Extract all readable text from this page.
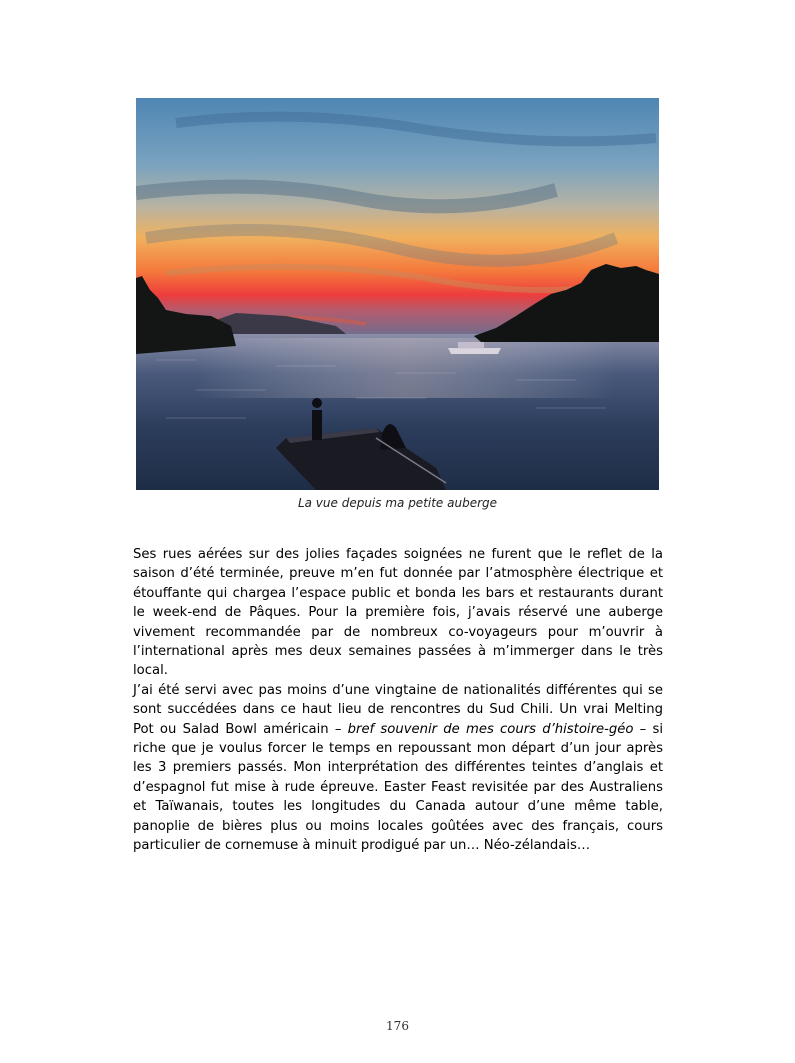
La vue depuis ma petite auberge

Ses rues aérées sur des jolies façades soignées ne furent que le reflet de la saison d’été terminée, preuve m’en fut donnée par l’atmosphère électrique et étouffante qui chargea l’espace public et bonda les bars et restaurants durant le week-end de Pâques. Pour la première fois, j’avais réservé une auberge vivement recommandée par de nombreux co-voyageurs pour m’ouvrir à l’international après mes deux semaines passées à m’immerger dans le très local.

J’ai été servi avec pas moins d’une vingtaine de nationalités différentes qui se sont succédées dans ce haut lieu de rencontres du Sud Chili. Un vrai Melting Pot ou Salad Bowl américain – bref souvenir de mes cours d’histoire-géo – si riche que je voulus forcer le temps en repoussant mon départ d’un jour après les 3 premiers passés. Mon interprétation des différentes teintes d’anglais et d’espagnol fut mise à rude épreuve. Easter Feast revisitée par des Australiens et Taïwanais, toutes les longitudes du Canada autour d’une même table, panoplie de bières plus ou moins locales goûtées avec des français, cours particulier de cornemuse à minuit prodigué par un… Néo-zélandais…

176
